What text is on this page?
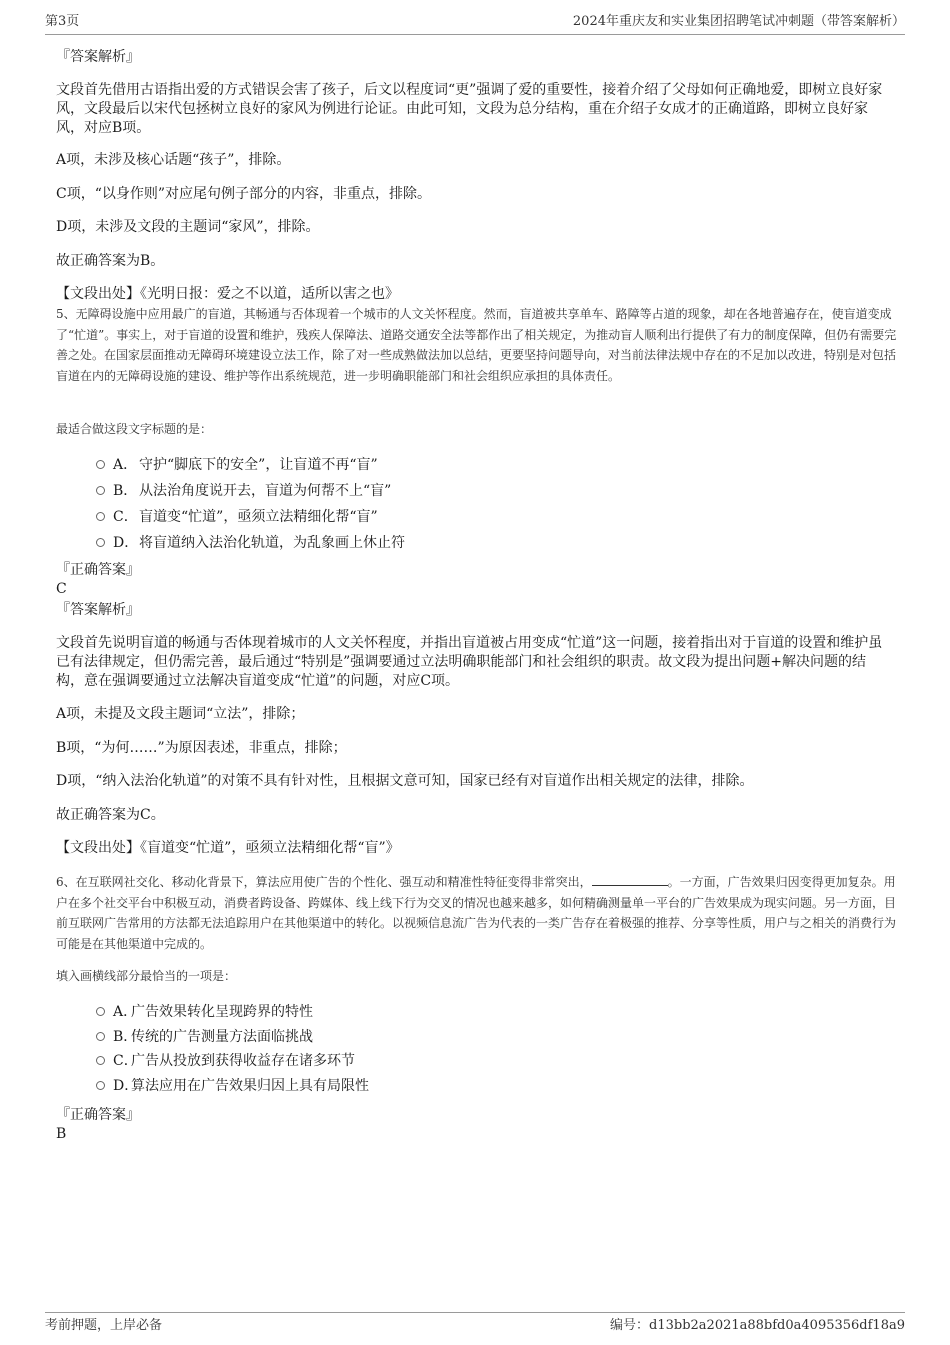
第3页	2024年重庆友和实业集团招聘笔试冲刺题（带答案解析）
『答案解析』
文段首先借用古语指出爱的方式错误会害了孩子，后文以程度词“更”强调了爱的重要性，接着介绍了父母如何正确地爱，即树立良好家风，文段最后以宋代包拯树立良好的家风为例进行论证。由此可知，文段为总分结构，重在介绍子女成才的正确道路，即树立良好家风，对应B项。
A项，未涉及核心话题“孩子”，排除。
C项，“以身作则”对应尾句例子部分的内容，非重点，排除。
D项，未涉及文段的主题词“家风”，排除。
故正确答案为B。
【文段出处】《光明日报：爱之不以道，适所以害之也》
5、无障碍设施中应用最广的盲道，其畅通与否体现着一个城市的人文关怀程度。然而，盲道被共享单车、路障等占道的现象，却在各地普遍存在，使盲道变成了“忙道”。事实上，对于盲道的设置和维护，残疾人保障法、道路交通安全法等都作出了相关规定，为推动盲人顺利出行提供了有力的制度保障，但仍有需要完善之处。在国家层面推动无障碍环境建设立法工作，除了对一些成熟做法加以总结，更要坚持问题导向，对当前法律法规中存在的不足加以改进，特别是对包括盲道在内的无障碍设施的建设、维护等作出系统规范，进一步明确职能部门和社会组织应承担的具体责任。
最适合做这段文字标题的是：
A． 守护“脚底下的安全”，让盲道不再“盲”
B． 从法治角度说开去，盲道为何帮不上“盲”
C．盲道变“忙道”，亟须立法精细化帮“盲”
D．将盲道纳入法治化轨道，为乱象画上休止符
『正确答案』
C
『答案解析』
文段首先说明盲道的畅通与否体现着城市的人文关怀程度，并指出盲道被占用变成“忙道”这一问题，接着指出对于盲道的设置和维护虽已有法律规定，但仍需完善，最后通过“特别是”强调要通过立法明确职能部门和社会组织的职责。故文段为提出问题+解决问题的结构，意在强调要通过立法解决盲道变成“忙道”的问题，对应C项。
A项，未提及文段主题词“立法”，排除；
B项，“为何……”为原因表述，非重点，排除；
D项，“纳入法治化轨道”的对策不具有针对性，且根据文意可知，国家已经有对盲道作出相关规定的法律，排除。
故正确答案为C。
【文段出处】《盲道变“忙道”，亟须立法精细化帮“盲”》
6、在互联网社交化、移动化背景下，算法应用使广告的个性化、强互动和精准性特征变得非常突出，	。一方面，广告效果归因变得更加复杂。用户在多个社交平台中积极互动，消费者跨设备、跨媒体、线上线下行为交叉的情况也越来越多，如何精确测量单一平台的广告效果成为现实问题。另一方面，目前互联网广告常用的方法都无法追踪用户在其他渠道中的转化。以视频信息流广告为代表的一类广告存在着极强的推荐、分享等性质，用户与之相关的消费行为可能是在其他渠道中完成的。
填入画横线部分最恰当的一项是：
A．广告效果转化呈现跨界的特性
B．传统的广告测量方法面临挑战
C．广告从投放到获得收益存在诸多环节
D．算法应用在广告效果归因上具有局限性
『正确答案』
B
考前押题，上岸必备	编号：d13bb2a2021a88bfd0a4095356df18a9
